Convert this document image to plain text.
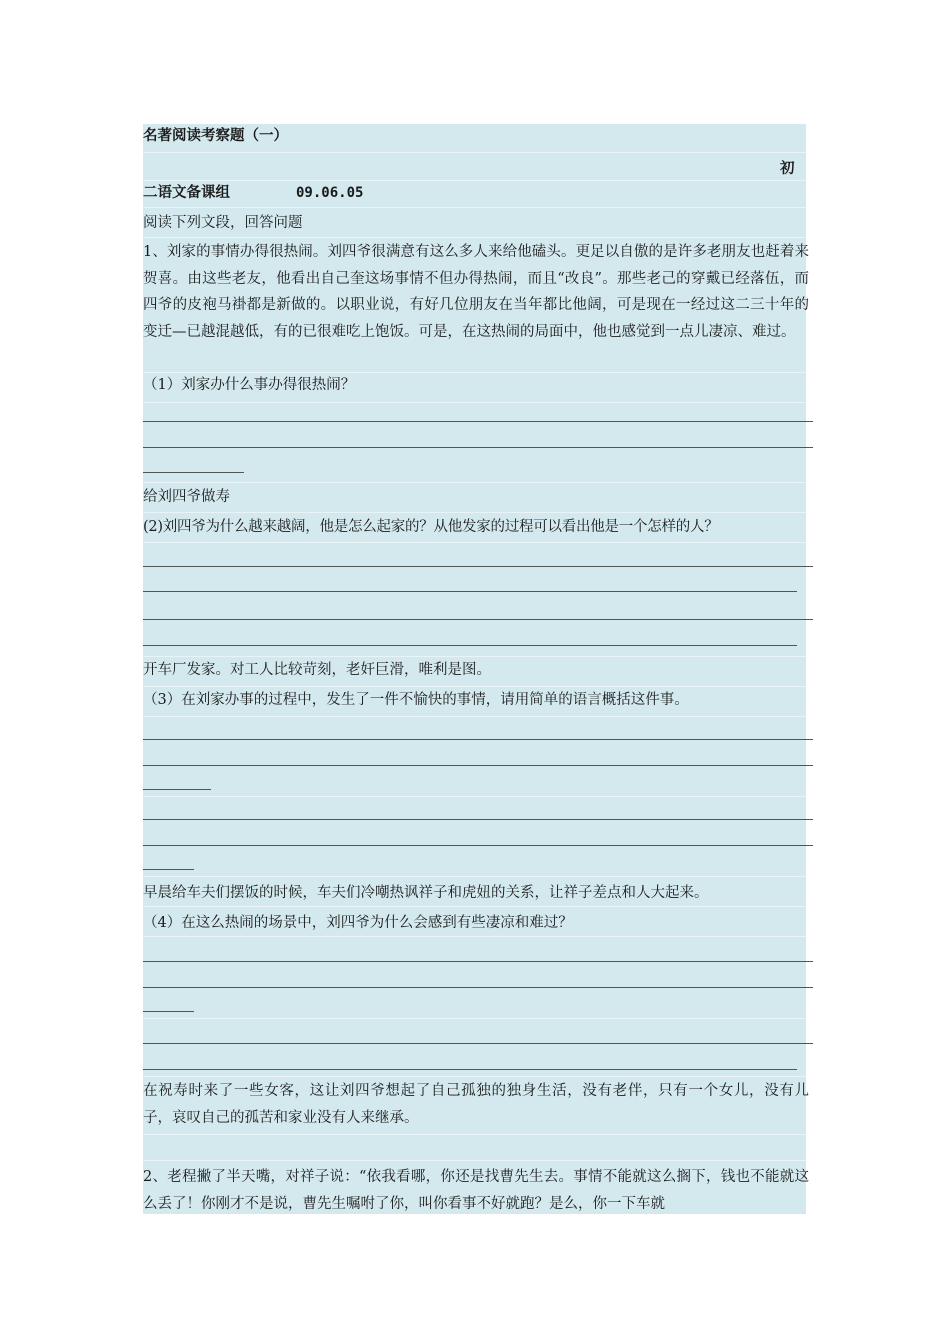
名著阅读考察题（一）
初
二语文备课组	09.06.05
阅读下列文段，回答问题
1、刘家的事情办得很热闹。刘四爷很满意有这么多人来给他磕头。更足以自傲的是许多老朋友也赶着来贺喜。由这些老友，他看出自己奎这场事情不但办得热闹，而且“改良”。那些老己的穿戴已经落伍，而四爷的皮袍马褂都是新做的。以职业说，有好几位朋友在当年都比他阔，可是现在一经过这二三十年的变迁—已越混越低，有的已很难吃上饱饭。可是，在这热闹的局面中，他也感觉到一点儿凄凉、难过。
（1）刘家办什么事办得很热闹？
给刘四爷做寿
(2)刘四爷为什么越来越阔，他是怎么起家的？从他发家的过程可以看出他是一个怎样的人？
开车厂发家。对工人比较苛刻，老奸巨滑，唯利是图。
（3）在刘家办事的过程中，发生了一件不愉快的事情，请用简单的语言概括这件事。
早晨给车夫们摆饭的时候，车夫们冷嘲热讽祥子和虎妞的关系，让祥子差点和人大起来。
（4）在这么热闹的场景中，刘四爷为什么会感到有些凄凉和难过？
在祝寿时来了一些女客，这让刘四爷想起了自己孤独的独身生活，没有老伴，只有一个女儿，没有儿子，哀叹自己的孤苦和家业没有人来继承。
2、老程撇了半天嘴，对祥子说：“依我看哪，你还是找曹先生去。事情不能就这么搁下，钱也不能就这么丢了！你刚才不是说，曹先生嘱咐了你，叫你看事不好就跑？是么，你一下车就
